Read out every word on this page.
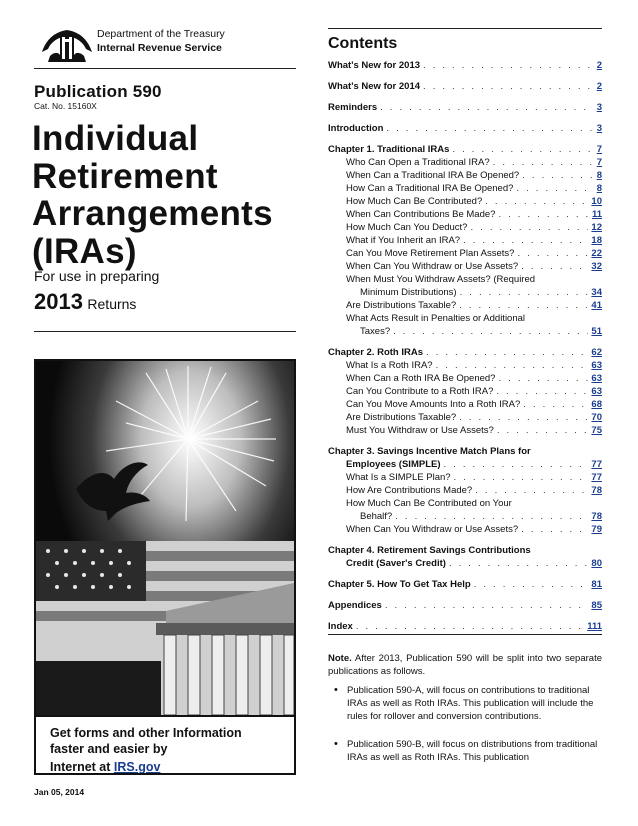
Department of the Treasury
Internal Revenue Service
Publication 590
Cat. No. 15160X
Individual
Retirement
Arrangements
(IRAs)
For use in preparing
2013 Returns
Get forms and other Information
faster and easier by
Internet at IRS.gov
Jan 05, 2014
Contents
What's New for 2013 . . .	2
What's New for 2014 . . .	2
Reminders . . .	3
Introduction . . .	3
Chapter 1. Traditional IRAs . . .	7
Who Can Open a Traditional IRA? . . .	7
When Can a Traditional IRA Be Opened? . . .	8
How Can a Traditional IRA Be Opened? . . .	8
How Much Can Be Contributed? . . .	10
When Can Contributions Be Made? . . .	11
How Much Can You Deduct? . . .	12
What if You Inherit an IRA? . . .	18
Can You Move Retirement Plan Assets? . . .	22
When Can You Withdraw or Use Assets? . . .	32
When Must You Withdraw Assets? (Required
Minimum Distributions) . . .	34
Are Distributions Taxable? . . .	41
What Acts Result in Penalties or Additional
Taxes? . . .	51
Chapter 2. Roth IRAs . . .	62
What Is a Roth IRA? . . .	63
When Can a Roth IRA Be Opened? . . .	63
Can You Contribute to a Roth IRA? . . .	63
Can You Move Amounts Into a Roth IRA? . . .	68
Are Distributions Taxable? . . .	70
Must You Withdraw or Use Assets? . . .	75
Chapter 3. Savings Incentive Match Plans for
Employees (SIMPLE) . . .	77
What Is a SIMPLE Plan? . . .	77
How Are Contributions Made? . . .	78
How Much Can Be Contributed on Your
Behalf? . . .	78
When Can You Withdraw or Use Assets? . . .	79
Chapter 4. Retirement Savings Contributions
Credit (Saver's Credit) . . .	80
Chapter 5. How To Get Tax Help . . .	81
Appendices . . .	85
Index . . .	111
Note. After 2013, Publication 590 will be split into two separate publications as follows.
• Publication 590-A, will focus on contributions to traditional IRAs as well as Roth IRAs. This publication will include the rules for rollover and conversion contributions.
• Publication 590-B, will focus on distributions from traditional IRAs as well as Roth IRAs. This publication
